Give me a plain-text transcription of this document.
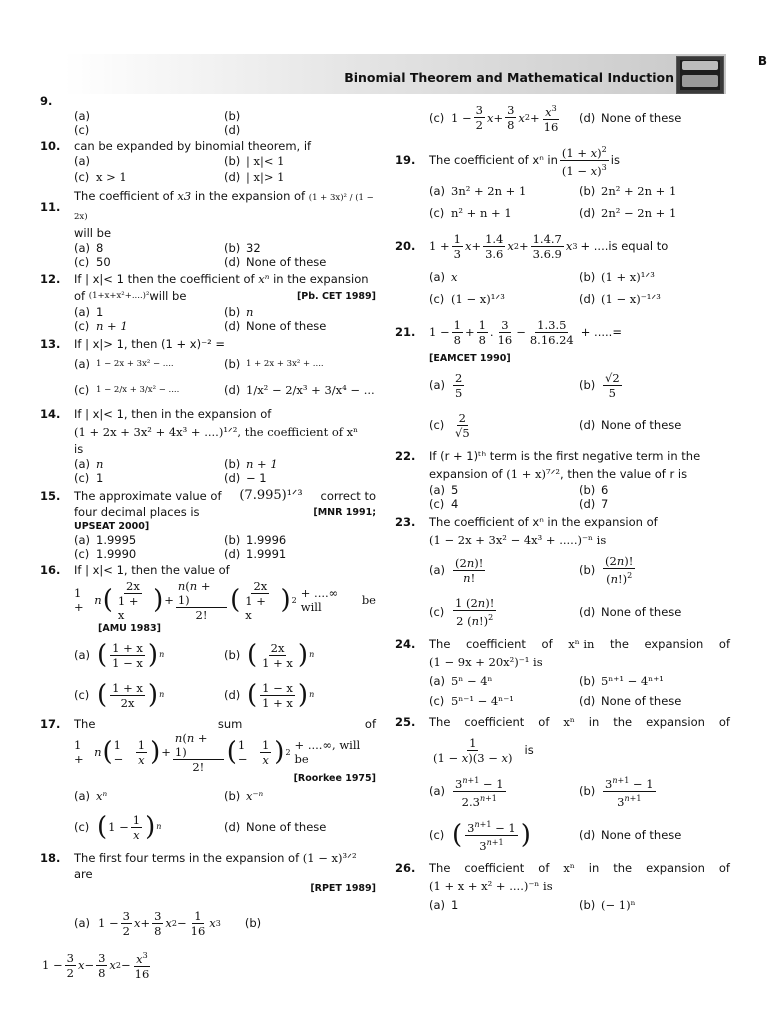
Binomial Theorem and Mathematical Induction
B
9.
(a)	(b)
(c)	(d)
10.	can be expanded by binomial theorem, if
(a)	(b) | x|< 1
(c) x > 1	(d) | x|> 1
11.
The coefficient of x3 in the expansion of (1 + 3x)² / (1 − 2x)
will be
(a) 8	(b) 32
(c) 50	(d) None of these
12.	If | x|< 1 then the coefficient of xⁿ in the expansion
of
(1+x+x²+....)² will be	[Pb. CET 1989]
(a) 1	(b) n
(c) n + 1	(d) None of these
13.	If | x|> 1, then (1 + x)⁻² =
(a) 1 − 2x + 3x² − ....	(b) 1 + 2x + 3x² + ....
(c) 1 − 2/x + 3/x² − ....	(d) 1/x² − 2/x³ + 3/x⁴ − ...
14.	If | x|< 1, then in the expansion of
(1 + 2x + 3x² + 4x³ + ....)¹ᐟ², the coefficient of xⁿ
is
(a) n	(b) n + 1
(c) 1	(d) − 1
15.	The approximate value of (7.995)¹ᐟ³ correct to
four decimal places is	[MNR 1991;
UPSEAT 2000]
(a) 1.9995	(b) 1.9996
(c) 1.9990	(d) 1.9991
16.	If | x|< 1, then the value of
1 + n ( $\frac{2x}{1 + x}$ ) + $\frac{n(n + 1)}{2!}$ ( $\frac{2x}{1 + x}$ ) 2 + ....∞ will	be
[AMU 1983]
(a) ( $\frac{1 + x}{1 - x}$ ) n	(b) ( $\frac{2x}{1 + x}$ ) n
(c) ( $\frac{1 + x}{2x}$ ) n	(d) ( $\frac{1 - x}{1 + x}$ ) n
17.	The	sum	of
1 + n ( 1 −	$\frac{1}{x}$ ) + $\frac{n(n + 1)}{2!}$ ( 1 −	$\frac{1}{x}$ ) 2 + ....∞, will be
[Roorkee 1975]
(a) xⁿ	(b) x⁻ⁿ
(c) ( $1 - \frac{1}{x}$ ) n	(d) None of these
18.	The first four terms in the expansion of (1 − x)³ᐟ²
are
[RPET 1989]
(a) $1 - \frac{3}{2}$ $x + \frac{3}{8}$ x $2 - \frac{1}{16}$ x 3 (b)
$1 - \frac{3}{2}$ $x - \frac{3}{8}$ x $2 - \frac{x^3}{16}$
(c) $1 - \frac{3}{2}$ $x + \frac{3}{8}$ x $2 + \frac{x^3}{16} (d)$ None of these
19.	The coefficient of xⁿ in $\frac{(1 + x)^2}{(1 - x)^3}$ is
(a) 3n² + 2n + 1	(b) 2n² + 2n + 1
(c) n² + n + 1	(d) 2n² − 2n + 1
20.	$1 + \frac{1}{3}$ $x + \frac{1.4}{3.6}$ x $2 + \frac{1.4.7}{3.6.9}$ x 3 + ....is equal to
(a) x	(b) (1 + x)¹ᐟ³
(c) (1 − x)¹ᐟ³	(d) (1 − x)⁻¹ᐟ³
21.	$1 - \frac{1}{8} + \frac{1}{8}$ . $\frac{3}{16} - \frac{1.3.5}{8.16.24}$ + .....=
[EAMCET 1990]
$(a) \frac{2}{5}$	$(b) \frac{√2}{5}$
$(c) \frac{2}{√5}$	(d) None of these
22.	If (r + 1)ᵗʰ term is the first negative term in the
expansion of
(1 + x)⁷ᐟ² , then the value of r is
(a) 5	(b) 6
(c) 4	(d) 7
23.	The coefficient of xⁿ in the expansion of
(1 − 2x + 3x² − 4x³ + .....)⁻ⁿ is
$(a) \frac{(2n)!}{n!}$	$(b) \frac{(2n)!}{(n!)^2}$
$(c) \frac{1 (2n)!}{2 (n!)^2}$	(d) None of these
24.	The coefficient of xⁿ in the expansion of
(1 − 9x + 20x²)⁻¹ is
(a) 5ⁿ − 4ⁿ	(b) 5ⁿ⁺¹ − 4ⁿ⁺¹
(c) 5ⁿ⁻¹ − 4ⁿ⁻¹	(d) None of these
25.	The coefficient of xⁿ in the expansion of
$\frac{1}{(1 - x)(3 - x)}$ is
$(a) \frac{3^{n+1} - 1}{2.3^{n+1}}$	$(b) \frac{3^{n+1} - 1}{3^{n+1}}$
(c) ( $\frac{3^{n+1} - 1}{3^{n+1}}$ )	(d) None of these
26.	The coefficient of xⁿ in the expansion of
(1 + x + x² + ....)⁻ⁿ is
(a) 1	(b) (− 1)ⁿ
